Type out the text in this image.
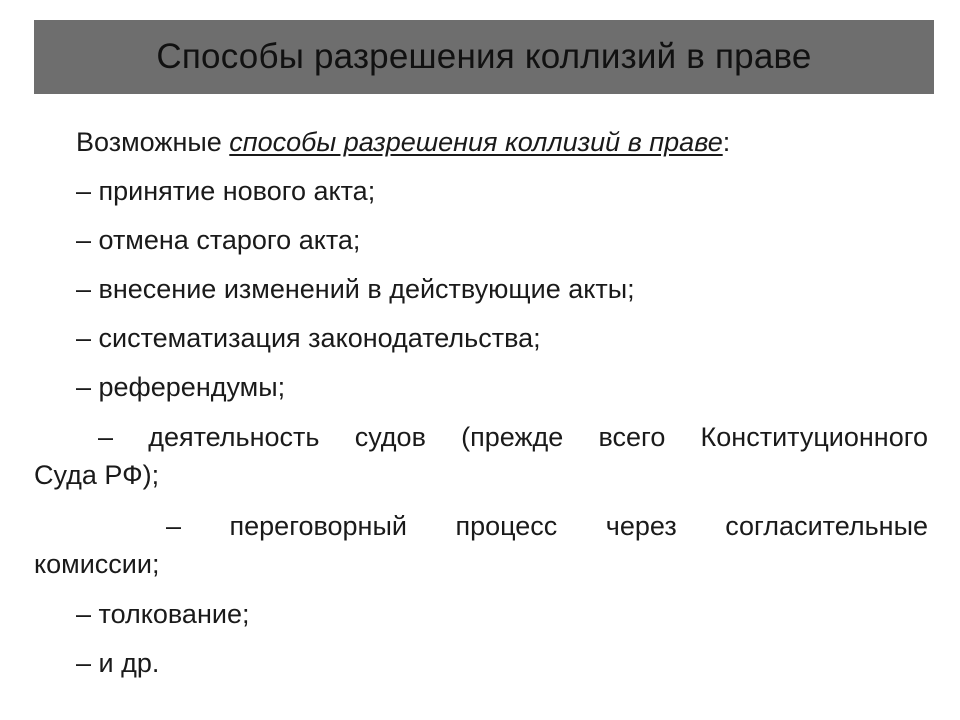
Способы разрешения коллизий в праве
Возможные способы разрешения коллизий в праве:
– принятие нового акта;
– отмена старого акта;
– внесение изменений в действующие акты;
– систематизация законодательства;
– референдумы;
– деятельность судов (прежде всего Конституционного
Суда РФ);
– переговорный процесс через согласительные
комиссии;
– толкование;
– и др.
